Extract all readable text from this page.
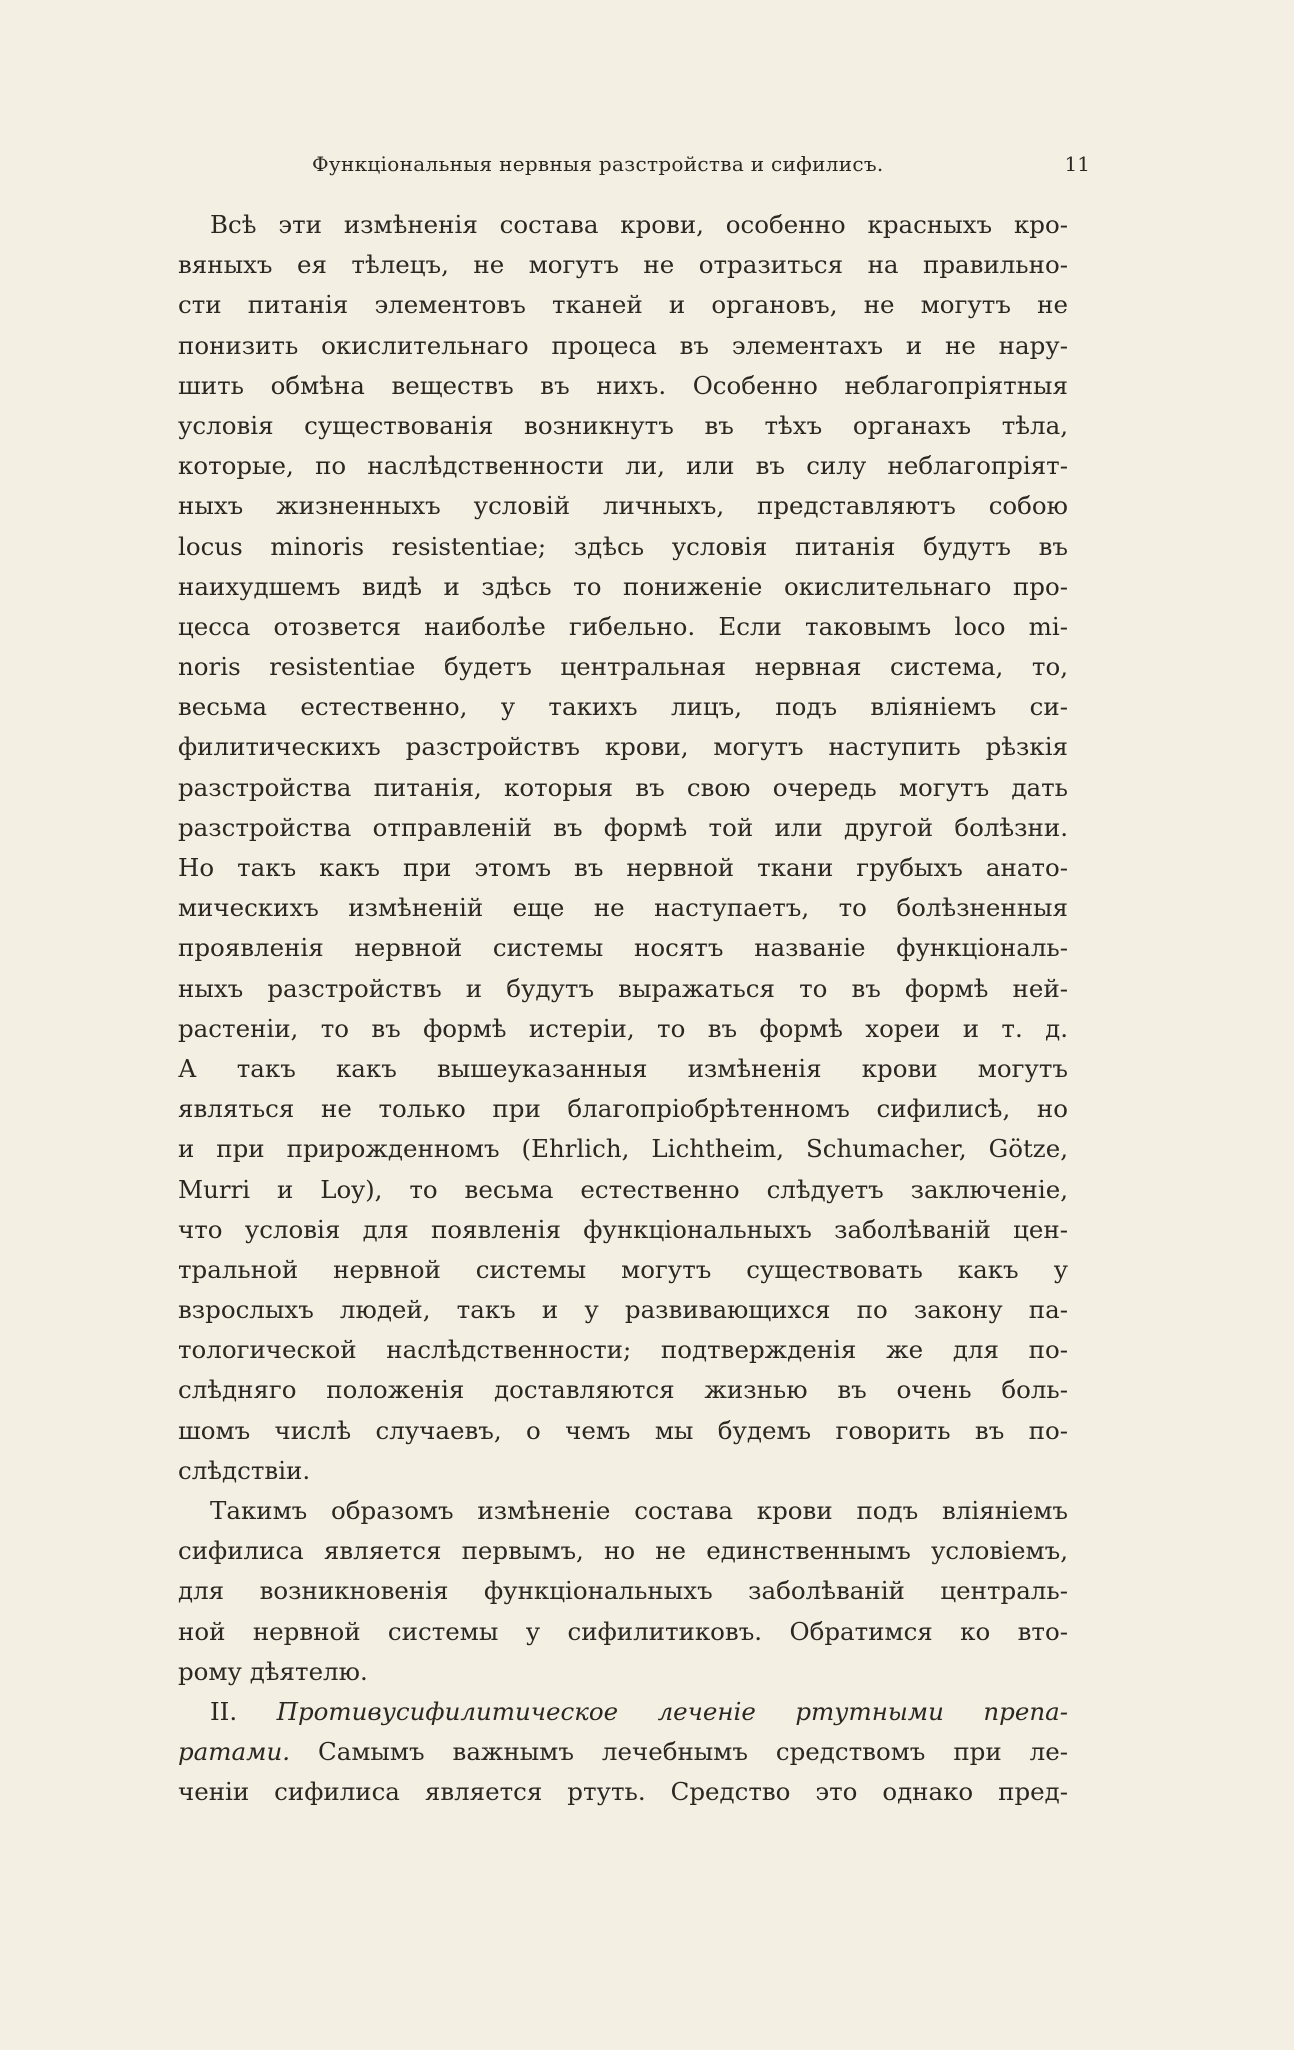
Функціональныя нервныя разстройства и сифилисъ.	11
Всѣ эти измѣненія состава крови, особенно красныхъ кро-
вяныхъ ея тѣлецъ, не могутъ не отразиться на правильно-
сти питанія элементовъ тканей и органовъ, не могутъ не
понизить окислительнаго процеса въ элементахъ и не нару-
шить обмѣна веществъ въ нихъ. Особенно неблагопріятныя
условія существованія возникнутъ въ тѣхъ органахъ тѣла,
которые, по наслѣдственности ли, или въ силу неблагопріят-
ныхъ жизненныхъ условій личныхъ, представляютъ собою
locus minoris resistentiae; здѣсь условія питанія будутъ въ
наихудшемъ видѣ и здѣсь то пониженіе окислительнаго про-
цесса отозвется наиболѣе гибельно. Если таковымъ loco mi-
noris resistentiae будетъ центральная нервная система, то,
весьма естественно, у такихъ лицъ, подъ вліяніемъ си-
филитическихъ разстройствъ крови, могутъ наступить рѣзкія
разстройства питанія, которыя въ свою очередь могутъ дать
разстройства отправленій въ формѣ той или другой болѣзни.
Но такъ какъ при этомъ въ нервной ткани грубыхъ анато-
мическихъ измѣненій еще не наступаетъ, то болѣзненныя
проявленія нервной системы носятъ названіе функціональ-
ныхъ разстройствъ и будутъ выражаться то въ формѣ ней-
растеніи, то въ формѣ истеріи, то въ формѣ хореи и т. д.
А такъ какъ вышеуказанныя измѣненія крови могутъ
являться не только при благопріобрѣтенномъ сифилисѣ, но
и при прирожденномъ (Ehrlich, Lichtheim, Schumacher, Götze,
Murri и Loy), то весьма естественно слѣдуетъ заключеніе,
что условія для появленія функціональныхъ заболѣваній цен-
тральной нервной системы могутъ существовать какъ у
взрослыхъ людей, такъ и у развивающихся по закону па-
тологической наслѣдственности; подтвержденія же для по-
слѣдняго положенія доставляются жизнью въ очень боль-
шомъ числѣ случаевъ, о чемъ мы будемъ говорить въ по-
слѣдствіи.
Такимъ образомъ измѣненіе состава крови подъ вліяніемъ
сифилиса является первымъ, но не единственнымъ условіемъ,
для возникновенія функціональныхъ заболѣваній централь-
ной нервной системы у сифилитиковъ. Обратимся ко вто-
рому дѣятелю.
II. Противусифилитическое леченіе ртутными препа-
ратами. Самымъ важнымъ лечебнымъ средствомъ при ле-
ченіи сифилиса является ртуть. Средство это однако пред-
